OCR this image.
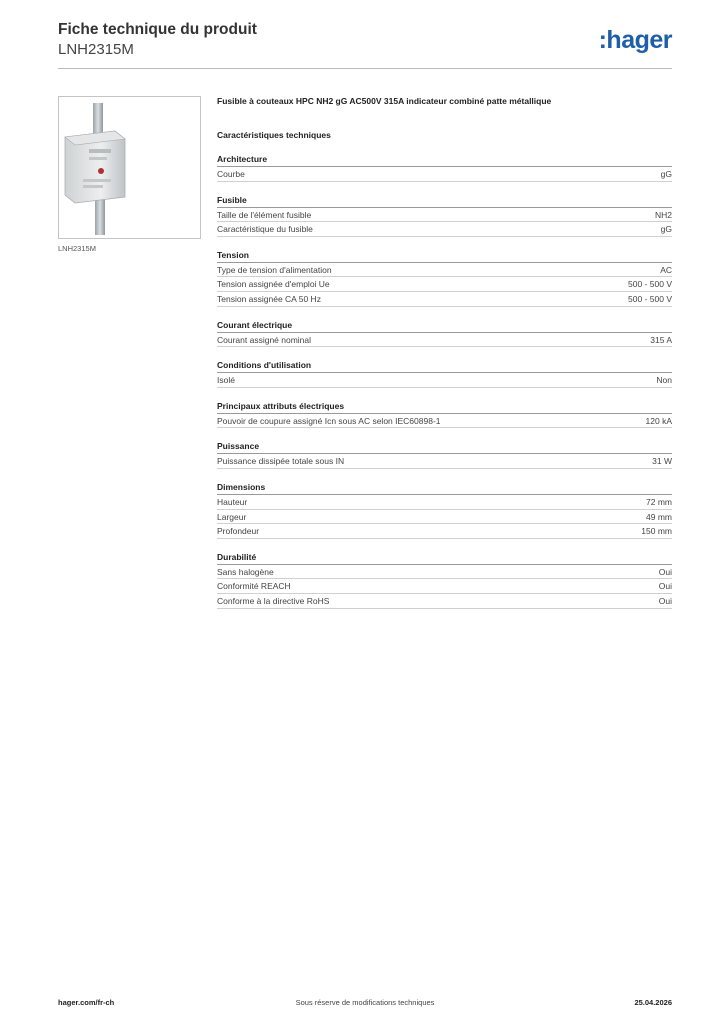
Fiche technique du produit
LNH2315M	:hager
LNH2315M
Fusible à couteaux HPC NH2 gG AC500V 315A indicateur combiné patte métallique
Caractéristiques techniques
Architecture
Courbe	gG
Fusible
Taille de l'élément fusible	NH2
Caractéristique du fusible	gG
Tension
Type de tension d'alimentation	AC
Tension assignée d'emploi Ue	500 - 500 V
Tension assignée CA 50 Hz	500 - 500 V
Courant électrique
Courant assigné nominal	315 A
Conditions d'utilisation
Isolé	Non
Principaux attributs électriques
Pouvoir de coupure assigné Icn sous AC selon IEC60898-1	120 kA
Puissance
Puissance dissipée totale sous IN	31 W
Dimensions
Hauteur	72 mm
Largeur	49 mm
Profondeur	150 mm
Durabilité
Sans halogène	Oui
Conformité REACH	Oui
Conforme à la directive RoHS	Oui
hager.com/fr-ch	Sous réserve de modifications techniques	25.04.2026
